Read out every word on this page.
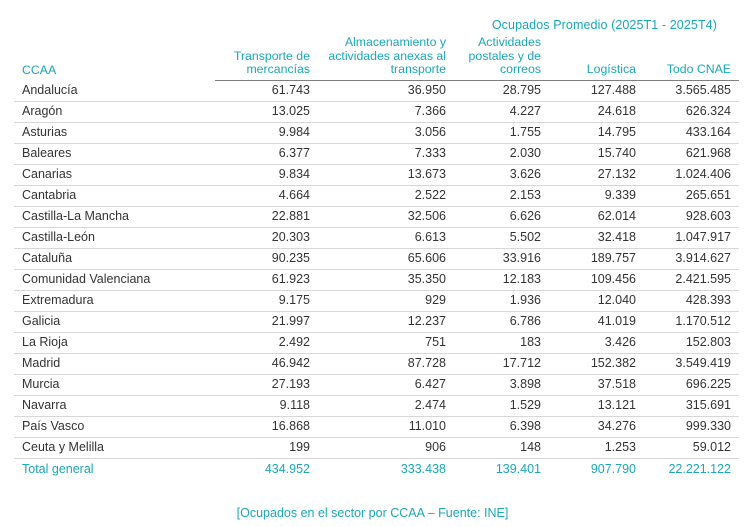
Ocupados Promedio (2025T1 - 2025T4)
CCAA	Transporte de mercancías	Almacenamiento y actividades anexas al transporte	Actividades postales y de correos	Logística	Todo CNAE
Andalucía	61.743	36.950	28.795	127.488	3.565.485
Aragón	13.025	7.366	4.227	24.618	626.324
Asturias	9.984	3.056	1.755	14.795	433.164
Baleares	6.377	7.333	2.030	15.740	621.968
Canarias	9.834	13.673	3.626	27.132	1.024.406
Cantabria	4.664	2.522	2.153	9.339	265.651
Castilla-La Mancha	22.881	32.506	6.626	62.014	928.603
Castilla-León	20.303	6.613	5.502	32.418	1.047.917
Cataluña	90.235	65.606	33.916	189.757	3.914.627
Comunidad Valenciana	61.923	35.350	12.183	109.456	2.421.595
Extremadura	9.175	929	1.936	12.040	428.393
Galicia	21.997	12.237	6.786	41.019	1.170.512
La Rioja	2.492	751	183	3.426	152.803
Madrid	46.942	87.728	17.712	152.382	3.549.419
Murcia	27.193	6.427	3.898	37.518	696.225
Navarra	9.118	2.474	1.529	13.121	315.691
País Vasco	16.868	11.010	6.398	34.276	999.330
Ceuta y Melilla	199	906	148	1.253	59.012
Total general	434.952	333.438	139.401	907.790	22.221.122
[Ocupados en el sector por CCAA – Fuente: INE]
